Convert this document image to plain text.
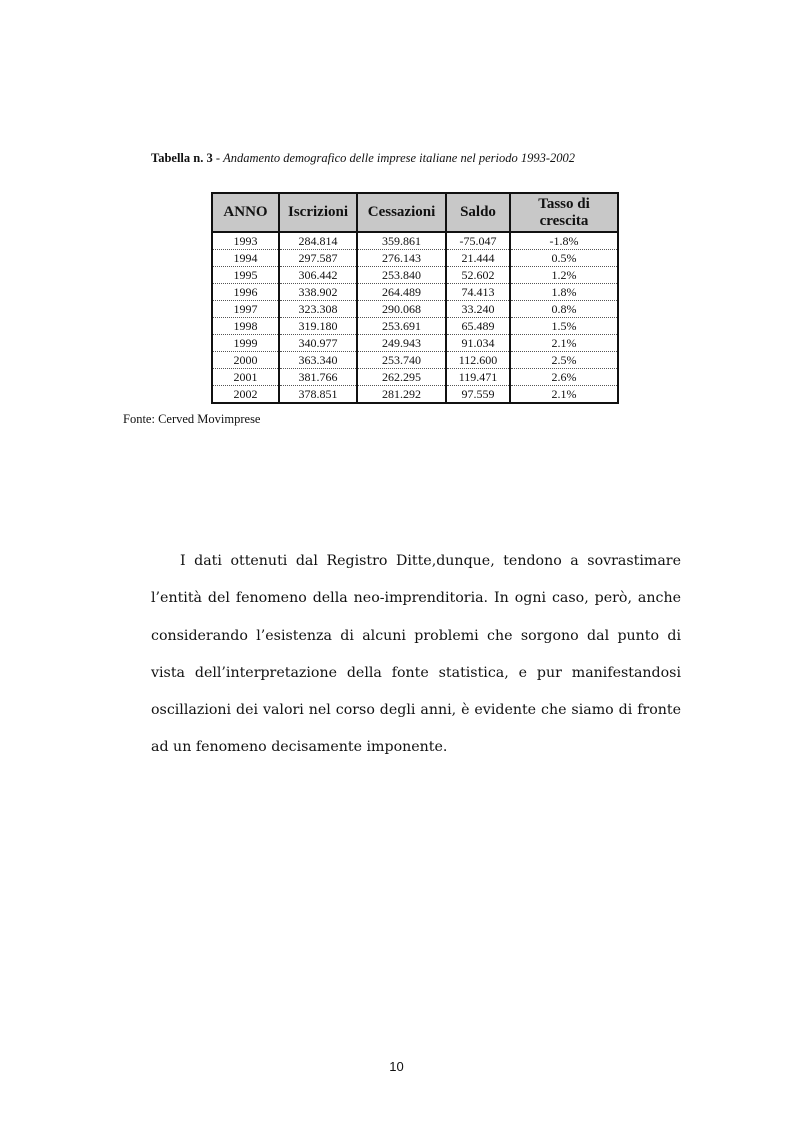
Tabella n. 3 - Andamento demografico delle imprese italiane nel periodo 1993-2002
ANNO	Iscrizioni	Cessazioni	Saldo	Tasso di crescita
1993	284.814	359.861	-75.047	-1.8%
1994	297.587	276.143	21.444	0.5%
1995	306.442	253.840	52.602	1.2%
1996	338.902	264.489	74.413	1.8%
1997	323.308	290.068	33.240	0.8%
1998	319.180	253.691	65.489	1.5%
1999	340.977	249.943	91.034	2.1%
2000	363.340	253.740	112.600	2.5%
2001	381.766	262.295	119.471	2.6%
2002	378.851	281.292	97.559	2.1%
Fonte: Cerved Movimprese

I dati ottenuti dal Registro Ditte,dunque, tendono a sovrastimare l’entità del fenomeno della neo-imprenditoria. In ogni caso, però, anche considerando l’esistenza di alcuni problemi che sorgono dal punto di vista dell’interpretazione della fonte statistica, e pur manifestandosi oscillazioni dei valori nel corso degli anni, è evidente che siamo di fronte ad un fenomeno decisamente imponente.

10
